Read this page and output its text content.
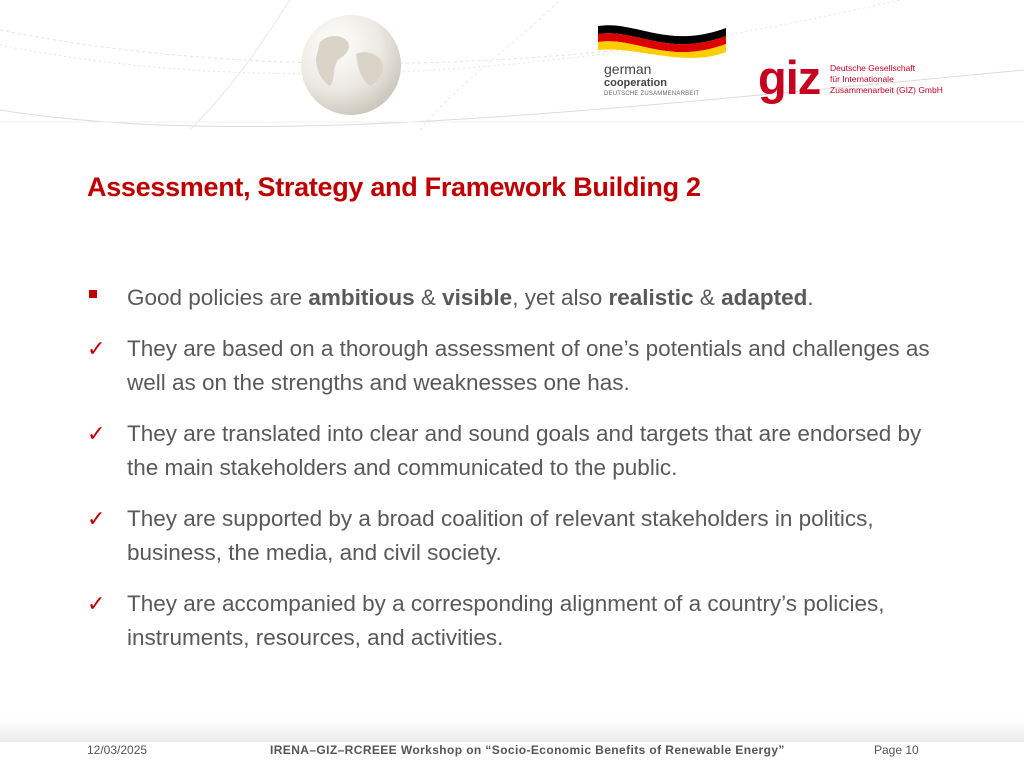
german
cooperation
DEUTSCHE ZUSAMMENARBEIT giz Deutsche Gesellschaft
für Internationale
Zusammenarbeit (GIZ) GmbH
Assessment, Strategy and Framework Building 2
Good policies are ambitious & visible, yet also realistic & adapted.
✓ They are based on a thorough assessment of one’s potentials and challenges as well as on the strengths and weaknesses one has.
✓ They are translated into clear and sound goals and targets that are endorsed by the main stakeholders and communicated to the public.
✓ They are supported by a broad coalition of relevant stakeholders in politics, business, the media, and civil society.
✓ They are accompanied by a corresponding alignment of a country’s policies, instruments, resources, and activities.
12/03/2025	IRENA–GIZ–RCREEE Workshop on “Socio-Economic Benefits of Renewable Energy”	Page 10
